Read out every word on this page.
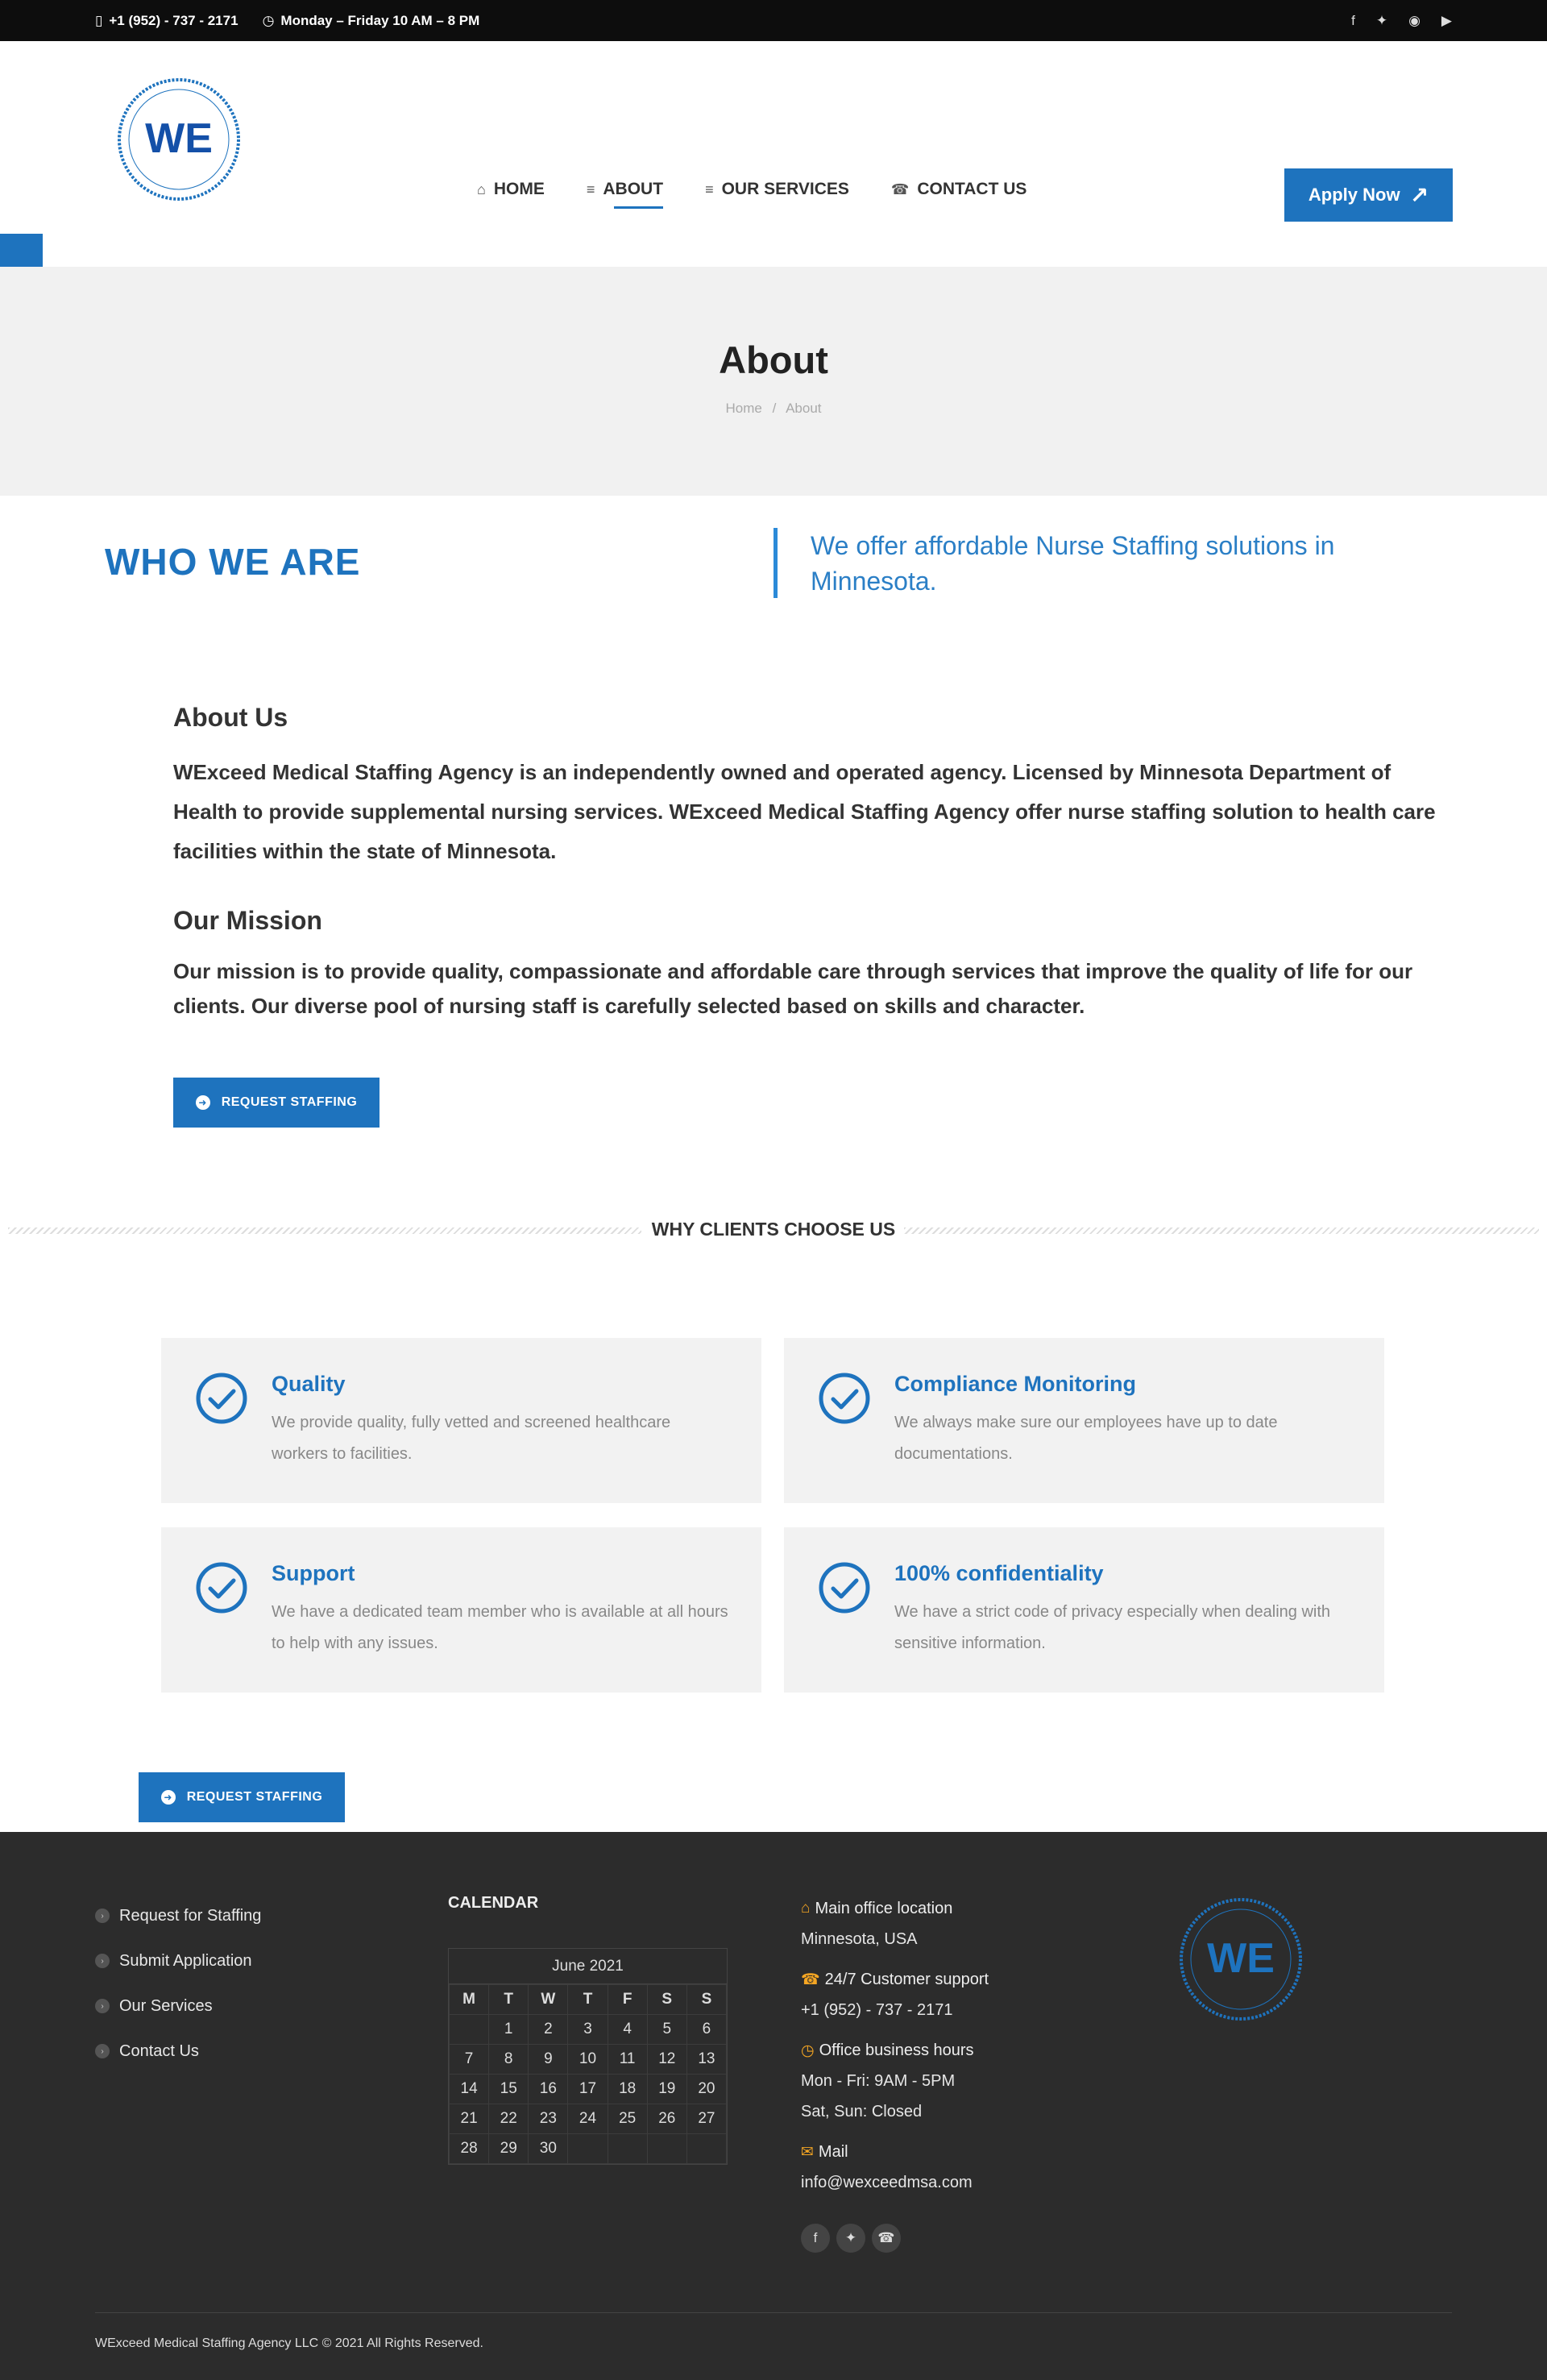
▯ +1 (952) - 737 - 2171 ◷ Monday – Friday 10 AM – 8 PM	f ✦ ◉ ▶
WE
⌂ HOME	≡ ABOUT	≡ OUR SERVICES	☎ CONTACT US	Apply Now ↗
About
Home / About
WHO WE ARE	We offer affordable Nurse Staffing solutions in Minnesota.
About Us
WExceed Medical Staffing Agency is an independently owned and operated agency. Licensed by Minnesota Department of Health to provide supplemental nursing services. WExceed Medical Staffing Agency offer nurse staffing solution to health care facilities within the state of Minnesota.
Our Mission
Our mission is to provide quality, compassionate and affordable care through services that improve the quality of life for our clients. Our diverse pool of nursing staff is carefully selected based on skills and character.
➜ REQUEST STAFFING
WHY CLIENTS CHOOSE US
Quality

We provide quality, fully vetted and screened healthcare workers to facilities.

Compliance Monitoring

We always make sure our employees have up to date documentations.

Support

We have a dedicated team member who is available at all hours to help with any issues.

100% confidentiality

We have a strict code of privacy especially when dealing with sensitive information.

➜ REQUEST STAFFING
› Request for Staffing
› Submit Application
› Our Services
› Contact Us
CALENDAR
June 2021
M	T	W	T	F	S	S
	1	2	3	4	5	6
7	8	9	10	11	12	13
14	15	16	17	18	19	20
21	22	23	24	25	26	27
28	29	30				
⌂ Main office location
Minnesota, USA
☎ 24/7 Customer support
+1 (952) - 737 - 2171
◷ Office business hours
Mon - Fri: 9AM - 5PM
Sat, Sun: Closed
✉ Mail
info@wexceedmsa.com
f	✦	☎
WE
WExceed Medical Staffing Agency LLC © 2021 All Rights Reserved.
